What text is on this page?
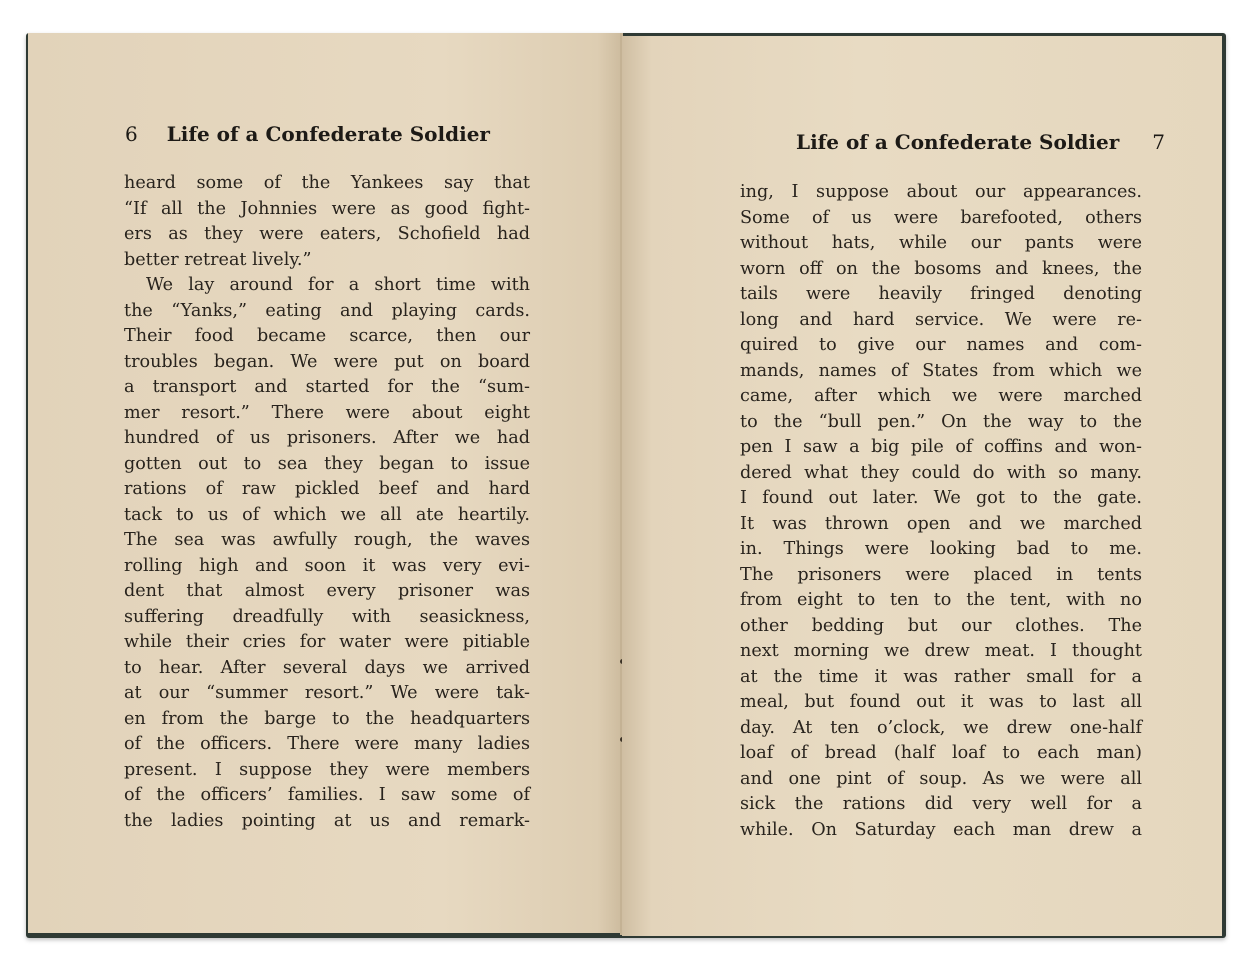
6 Life of a Confederate Soldier
heard some of the Yankees say that
“If all the Johnnies were as good fight-
ers as they were eaters, Schofield had
better retreat lively.”
We lay around for a short time with
the “Yanks,” eating and playing cards.
Their food became scarce, then our
troubles began. We were put on board
a transport and started for the “sum-
mer resort.” There were about eight
hundred of us prisoners. After we had
gotten out to sea they began to issue
rations of raw pickled beef and hard
tack to us of which we all ate heartily.
The sea was awfully rough, the waves
rolling high and soon it was very evi-
dent that almost every prisoner was
suffering dreadfully with seasickness,
while their cries for water were pitiable
to hear. After several days we arrived
at our “summer resort.” We were tak-
en from the barge to the headquarters
of the officers. There were many ladies
present. I suppose they were members
of the officers’ families. I saw some of
the ladies pointing at us and remark-
Life of a Confederate Soldier 7
ing, I suppose about our appearances.
Some of us were barefooted, others
without hats, while our pants were
worn off on the bosoms and knees, the
tails were heavily fringed denoting
long and hard service. We were re-
quired to give our names and com-
mands, names of States from which we
came, after which we were marched
to the “bull pen.” On the way to the
pen I saw a big pile of coffins and won-
dered what they could do with so many.
I found out later. We got to the gate.
It was thrown open and we marched
in. Things were looking bad to me.
The prisoners were placed in tents
from eight to ten to the tent, with no
other bedding but our clothes. The
next morning we drew meat. I thought
at the time it was rather small for a
meal, but found out it was to last all
day. At ten o’clock, we drew one-half
loaf of bread (half loaf to each man)
and one pint of soup. As we were all
sick the rations did very well for a
while. On Saturday each man drew a
